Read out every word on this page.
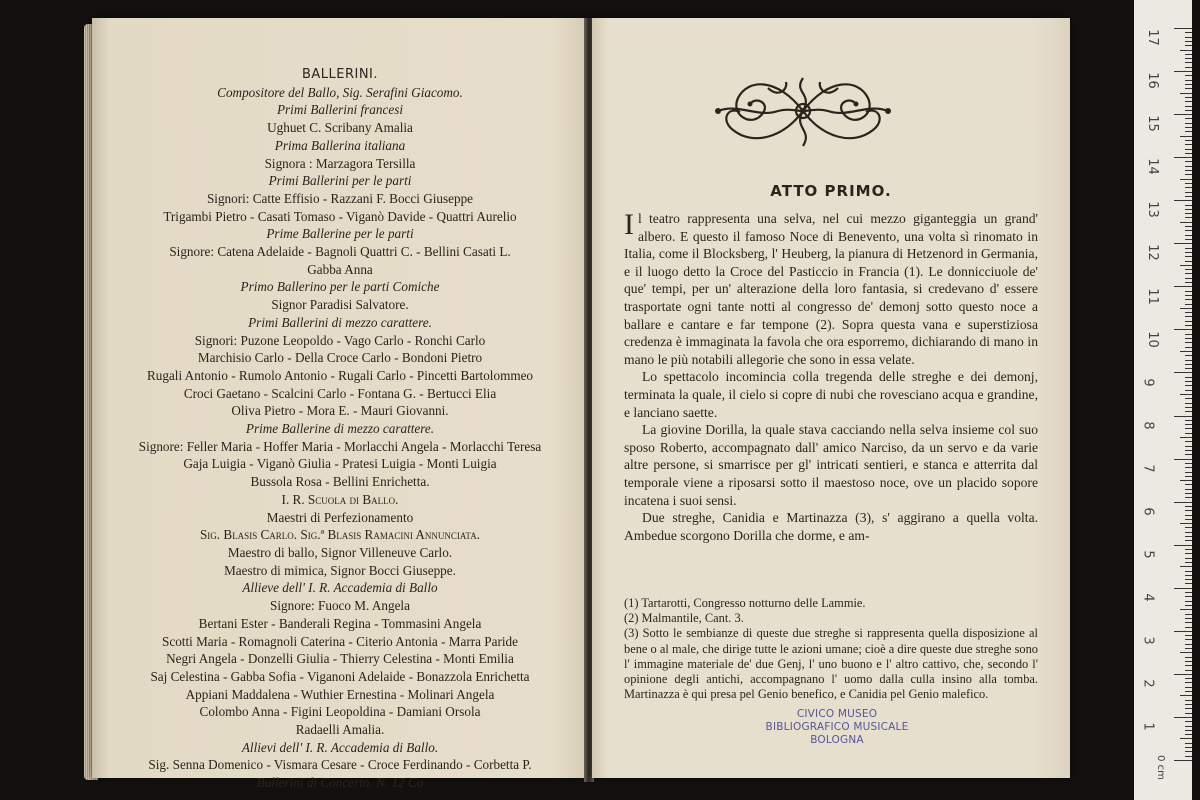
BALLERINI.
Compositore del Ballo, Sig. Serafini Giacomo.
Primi Ballerini francesi
Ughuet C. Scribany Amalia
Prima Ballerina italiana
Signora : Marzagora Tersilla
Primi Ballerini per le parti
Signori: Catte Effisio - Razzani F. Bocci Giuseppe
Trigambi Pietro - Casati Tomaso - Viganò Davide - Quattri Aurelio
Prime Ballerine per le parti
Signore: Catena Adelaide - Bagnoli Quattri C. - Bellini Casati L.
Gabba Anna
Primo Ballerino per le parti Comiche
Signor Paradisi Salvatore.
Primi Ballerini di mezzo carattere.
Signori: Puzone Leopoldo - Vago Carlo - Ronchi Carlo
Marchisio Carlo - Della Croce Carlo - Bondoni Pietro
Rugali Antonio - Rumolo Antonio - Rugali Carlo - Pincetti Bartolommeo
Croci Gaetano - Scalcini Carlo - Fontana G. - Bertucci Elia
Oliva Pietro - Mora E. - Mauri Giovanni.
Prime Ballerine di mezzo carattere.
Signore: Feller Maria - Hoffer Maria - Morlacchi Angela - Morlacchi Teresa
Gaja Luigia - Viganò Giulia - Pratesi Luigia - Monti Luigia
Bussola Rosa - Bellini Enrichetta.
I. R. Scuola di Ballo.
Maestri di Perfezionamento
Sig. Blasis Carlo. Sig.ª Blasis Ramacini Annunciata.
Maestro di ballo, Signor Villeneuve Carlo.
Maestro di mimica, Signor Bocci Giuseppe.
Allieve dell' I. R. Accademia di Ballo
Signore: Fuoco M. Angela
Bertani Ester - Banderali Regina - Tommasini Angela
Scotti Maria - Romagnoli Caterina - Citerio Antonia - Marra Paride
Negri Angela - Donzelli Giulia - Thierry Celestina - Monti Emilia
Saj Celestina - Gabba Sofia - Viganoni Adelaide - Bonazzola Enrichetta
Appiani Maddalena - Wuthier Ernestina - Molinari Angela
Colombo Anna - Figini Leopoldina - Damiani Orsola
Radaelli Amalia.
Allievi dell' I. R. Accademia di Ballo.
Sig. Senna Domenico - Vismara Cesare - Croce Ferdinando - Corbetta P.
Ballerini di Concerto. N. 12 Co
ATTO PRIMO.

Il teatro rappresenta una selva, nel cui mezzo giganteggia un grand' albero. E questo il famoso Noce di Benevento, una volta sì rinomato in Italia, come il Blocksberg, l' Heuberg, la pianura di Hetzenord in Germania, e il luogo detto la Croce del Pasticcio in Francia (1). Le donnicciuole de' que' tempi, per un' alterazione della loro fantasia, si credevano d' essere trasportate ogni tante notti al congresso de' demonj sotto questo noce a ballare e cantare e far tempone (2). Sopra questa vana e superstiziosa credenza è immaginata la favola che ora esporremo, dichiarando di mano in mano le più notabili allegorie che sono in essa velate.

Lo spettacolo incomincia colla tregenda delle streghe e dei demonj, terminata la quale, il cielo si copre di nubi che rovesciano acqua e grandine, e lanciano saette.

La giovine Dorilla, la quale stava cacciando nella selva insieme col suo sposo Roberto, accompagnato dall' amico Narciso, da un servo e da varie altre persone, si smarrisce per gl' intricati sentieri, e stanca e atterrita dal temporale viene a riposarsi sotto il maestoso noce, ove un placido sopore incatena i suoi sensi.

Due streghe, Canidia e Martinazza (3), s' aggirano a quella volta. Ambedue scorgono Dorilla che dorme, e am-

(1) Tartarotti, Congresso notturno delle Lammie.

(2) Malmantile, Cant. 3.

(3) Sotto le sembianze di queste due streghe si rappresenta quella disposizione al bene o al male, che dirige tutte le azioni umane; cioè a dire queste due streghe sono l' immagine materiale de' due Genj, l' uno buono e l' altro cattivo, che, secondo l' opinione degli antichi, accompagnano l' uomo dalla culla insino alla tomba. Martinazza è qui presa pel Genio benefico, e Canidia pel Genio malefico.

CIVICO MUSEO
BIBLIOGRAFICO MUSICALE
BOLOGNA
0 cm
17
16
15
14
13
12
11
10
9
8
7
6
5
4
3
2
1
